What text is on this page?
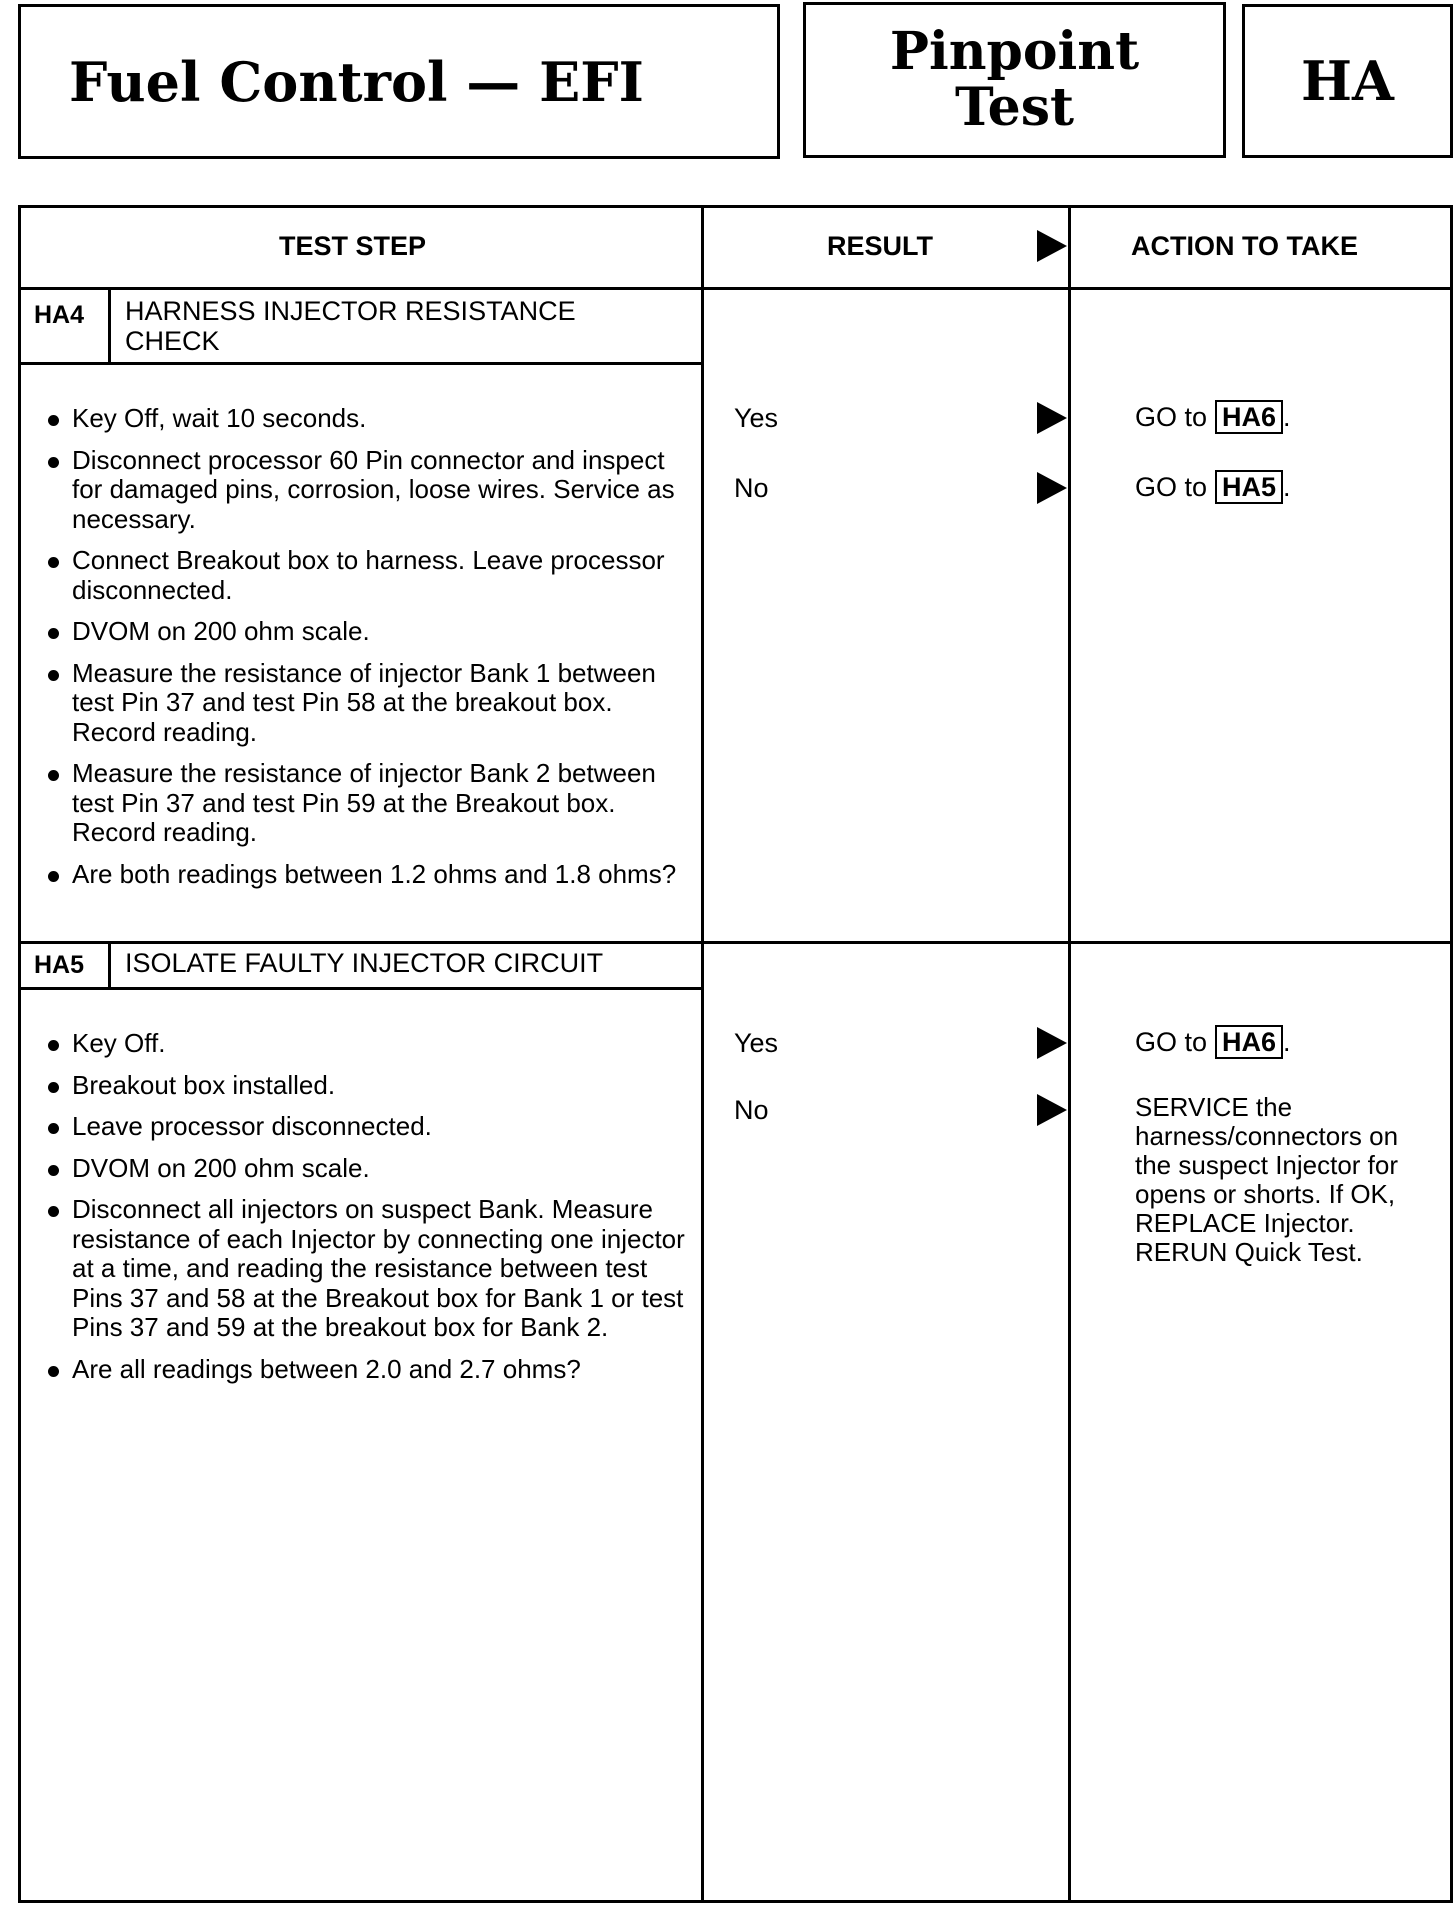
Fuel Control — EFI	Pinpoint
Test	HA
TEST STEP	RESULT	ACTION TO TAKE
HA4 HARNESS INJECTOR RESISTANCE
CHECK
Key Off, wait 10 seconds.
Disconnect processor 60 Pin connector and inspect for damaged pins, corrosion, loose wires. Service as necessary.
Connect Breakout box to harness. Leave processor disconnected.
DVOM on 200 ohm scale.
Measure the resistance of injector Bank 1 between test Pin 37 and test Pin 58 at the breakout box. Record reading.
Measure the resistance of injector Bank 2 between test Pin 37 and test Pin 59 at the Breakout box. Record reading.
Are both readings between 1.2 ohms and 1.8 ohms?
Yes	GO to HA6 .
No	GO to HA5 .
HA5 ISOLATE FAULTY INJECTOR CIRCUIT
Key Off.
Breakout box installed.
Leave processor disconnected.
DVOM on 200 ohm scale.
Disconnect all injectors on suspect Bank. Measure resistance of each Injector by connecting one injector at a time, and reading the resistance between test Pins 37 and 58 at the Breakout box for Bank 1 or test Pins 37 and 59 at the breakout box for Bank 2.
Are all readings between 2.0 and 2.7 ohms?
Yes	GO to HA6 .
No	SERVICE the harness/connectors on the suspect Injector for opens or shorts. If OK, REPLACE Injector. RERUN Quick Test.
